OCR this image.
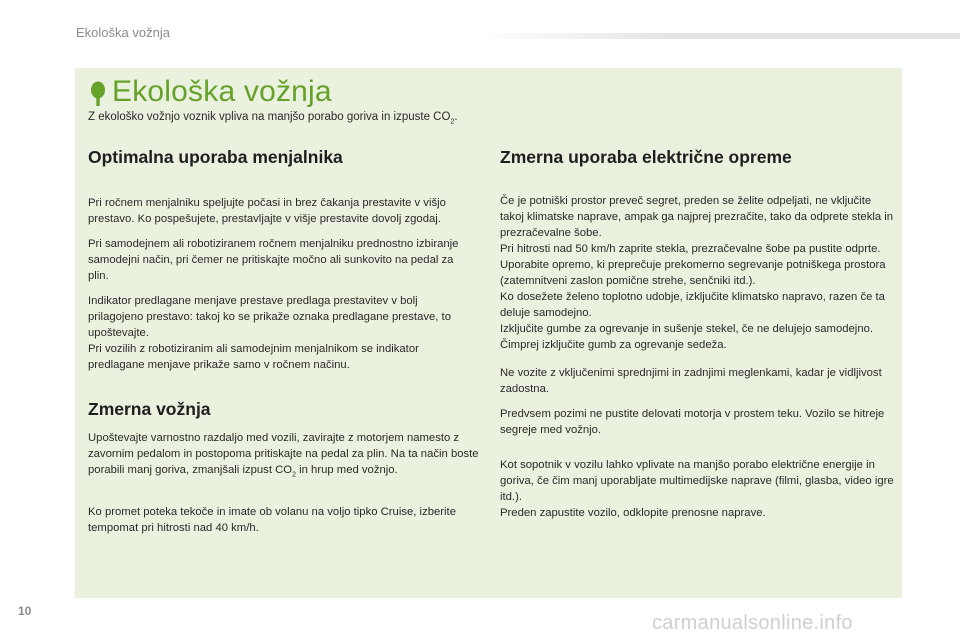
Ekološka vožnja
Ekološka vožnja

Z ekološko vožnjo voznik vpliva na manjšo porabo goriva in izpuste $CO_2$.

Optimalna uporaba menjalnika

Pri ročnem menjalniku speljujte počasi in brez čakanja prestavite v višjo prestavo. Ko pospešujete, prestavljajte v višje prestavite dovolj zgodaj.

Pri samodejnem ali robotiziranem ročnem menjalniku prednostno izbiranje samodejni način, pri čemer ne pritiskajte močno ali sunkovito na pedal za plin.

Indikator predlagane menjave prestave predlaga prestavitev v bolj prilagojeno prestavo: takoj ko se prikaže oznaka predlagane prestave, to upoštevajte.

Pri vozilih z robotiziranim ali samodejnim menjalnikom se indikator predlagane menjave prikaže samo v ročnem načinu.

Zmerna vožnja

Upoštevajte varnostno razdaljo med vozili, zavirajte z motorjem namesto z zavornim pedalom in postopoma pritiskajte na pedal za plin. Na ta način boste porabili manj goriva, zmanjšali izpust $CO_2$ in hrup med vožnjo.

Ko promet poteka tekoče in imate ob volanu na voljo tipko Cruise, izberite tempomat pri hitrosti nad 40 km/h.

Zmerna uporaba električne opreme

Če je potniški prostor preveč segret, preden se želite odpeljati, ne vključite takoj klimatske naprave, ampak ga najprej prezračite, tako da odprete stekla in prezračevalne šobe.

Pri hitrosti nad 50 km/h zaprite stekla, prezračevalne šobe pa pustite odprte.

Uporabite opremo, ki preprečuje prekomerno segrevanje potniškega prostora (zatemnitveni zaslon pomične strehe, senčniki itd.).

Ko dosežete želeno toplotno udobje, izključite klimatsko napravo, razen če ta deluje samodejno.

Izključite gumbe za ogrevanje in sušenje stekel, če ne delujejo samodejno.

Čimprej izključite gumb za ogrevanje sedeža.

Ne vozite z vključenimi sprednjimi in zadnjimi meglenkami, kadar je vidljivost zadostna.

Predvsem pozimi ne pustite delovati motorja v prostem teku. Vozilo se hitreje segreje med vožnjo.

Kot sopotnik v vozilu lahko vplivate na manjšo porabo električne energije in goriva, če čim manj uporabljate multimedijske naprave (filmi, glasba, video igre itd.).

Preden zapustite vozilo, odklopite prenosne naprave.

10
carmanualsonline.info
